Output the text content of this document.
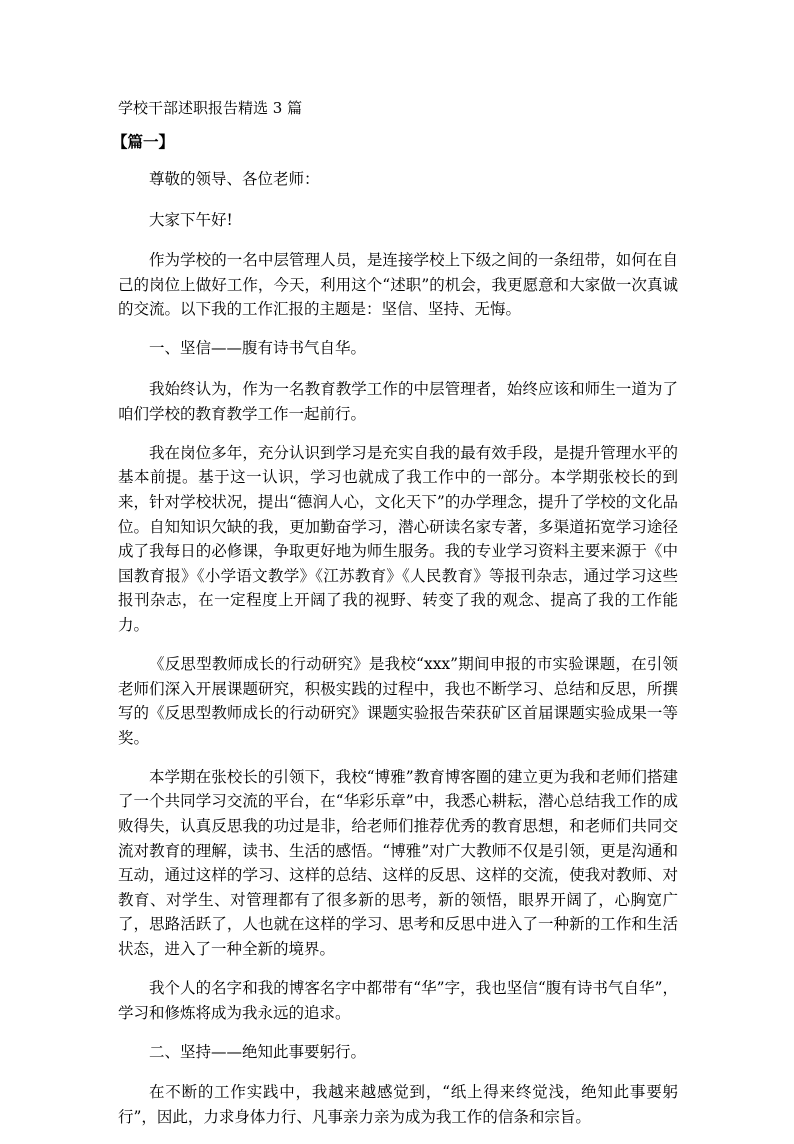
学校干部述职报告精选 3 篇
【篇一】

尊敬的领导、各位老师：

大家下午好!

作为学校的一名中层管理人员，是连接学校上下级之间的一条纽带，如何在自己的岗位上做好工作，今天，利用这个“述职”的机会，我更愿意和大家做一次真诚的交流。以下我的工作汇报的主题是：坚信、坚持、无悔。

一、坚信——腹有诗书气自华。

我始终认为，作为一名教育教学工作的中层管理者，始终应该和师生一道为了咱们学校的教育教学工作一起前行。

我在岗位多年，充分认识到学习是充实自我的最有效手段，是提升管理水平的基本前提。基于这一认识，学习也就成了我工作中的一部分。本学期张校长的到来，针对学校状况，提出“德润人心，文化天下”的办学理念，提升了学校的文化品位。自知知识欠缺的我，更加勤奋学习，潜心研读名家专著，多渠道拓宽学习途径成了我每日的必修课，争取更好地为师生服务。我的专业学习资料主要来源于《中国教育报》《小学语文教学》《江苏教育》《人民教育》等报刊杂志，通过学习这些报刊杂志，在一定程度上开阔了我的视野、转变了我的观念、提高了我的工作能力。

《反思型教师成长的行动研究》是我校“xxx”期间申报的市实验课题，在引领老师们深入开展课题研究，积极实践的过程中，我也不断学习、总结和反思，所撰写的《反思型教师成长的行动研究》课题实验报告荣获矿区首届课题实验成果一等奖。

本学期在张校长的引领下，我校“博雅”教育博客圈的建立更为我和老师们搭建了一个共同学习交流的平台，在“华彩乐章”中，我悉心耕耘，潜心总结我工作的成败得失，认真反思我的功过是非，给老师们推荐优秀的教育思想，和老师们共同交流对教育的理解，读书、生活的感悟。“博雅”对广大教师不仅是引领，更是沟通和互动，通过这样的学习、这样的总结、这样的反思、这样的交流，使我对教师、对教育、对学生、对管理都有了很多新的思考，新的领悟，眼界开阔了，心胸宽广了，思路活跃了，人也就在这样的学习、思考和反思中进入了一种新的工作和生活状态，进入了一种全新的境界。

我个人的名字和我的博客名字中都带有“华”字，我也坚信“腹有诗书气自华”，学习和修炼将成为我永远的追求。

二、坚持——绝知此事要躬行。

在不断的工作实践中，我越来越感觉到，“纸上得来终觉浅，绝知此事要躬行”，因此，力求身体力行、凡事亲力亲为成为我工作的信条和宗旨。
